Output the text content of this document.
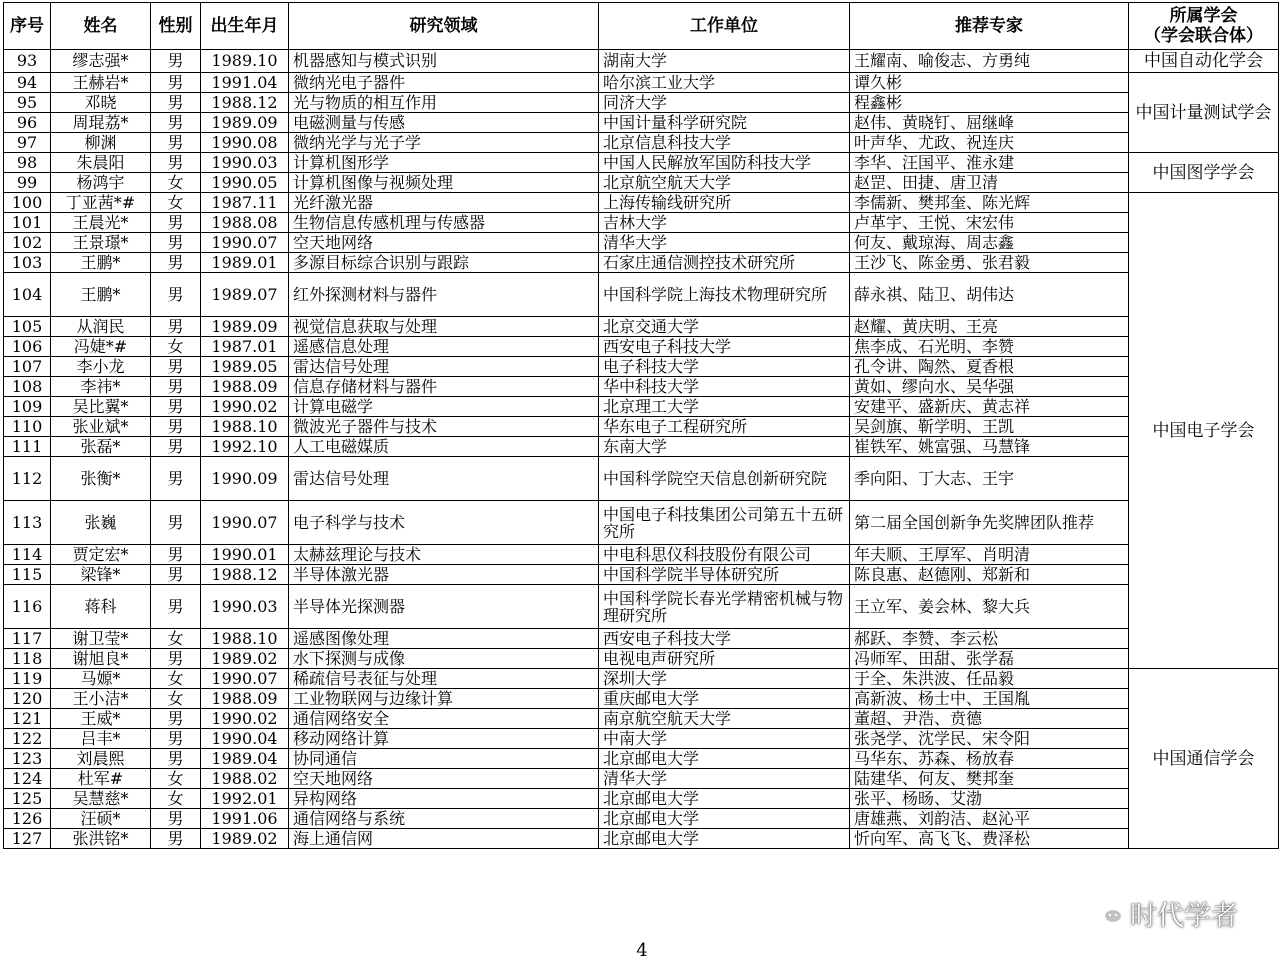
序号	姓名	性别	出生年月	研究领域	工作单位	推荐专家	所属学会
（学会联合体）
93	缪志强*	男	1989.10	机器感知与模式识别	湖南大学	王耀南、喻俊志、方勇纯	中国自动化学会
94	王赫岩*	男	1991.04	微纳光电子器件	哈尔滨工业大学	谭久彬	中国计量测试学会
95	邓晓	男	1988.12	光与物质的相互作用	同济大学	程鑫彬	
96	周琨荔*	男	1989.09	电磁测量与传感	中国计量科学研究院	赵伟、黄晓钉、屈继峰	
97	柳渊	男	1990.08	微纳光学与光子学	北京信息科技大学	叶声华、尤政、祝连庆	
98	朱晨阳	男	1990.03	计算机图形学	中国人民解放军国防科技大学	李华、汪国平、淮永建	中国图学学会
99	杨鸿宇	女	1990.05	计算机图像与视频处理	北京航空航天大学	赵罡、田捷、唐卫清	
100	丁亚茜*#	女	1987.11	光纤激光器	上海传输线研究所	李儒新、樊邦奎、陈光辉	中国电子学会
101	王晨光*	男	1988.08	生物信息传感机理与传感器	吉林大学	卢革宇、王悦、宋宏伟	
102	王景璟*	男	1990.07	空天地网络	清华大学	何友、戴琼海、周志鑫	
103	王鹏*	男	1989.01	多源目标综合识别与跟踪	石家庄通信测控技术研究所	王沙飞、陈金勇、张君毅	
104	王鹏*	男	1989.07	红外探测材料与器件	中国科学院上海技术物理研究所	薛永祺、陆卫、胡伟达	
105	从润民	男	1989.09	视觉信息获取与处理	北京交通大学	赵耀、黄庆明、王亮	
106	冯婕*#	女	1987.01	遥感信息处理	西安电子科技大学	焦李成、石光明、李赞	
107	李小龙	男	1989.05	雷达信号处理	电子科技大学	孔令讲、陶然、夏香根	
108	李祎*	男	1988.09	信息存储材料与器件	华中科技大学	黄如、缪向水、吴华强	
109	吴比翼*	男	1990.02	计算电磁学	北京理工大学	安建平、盛新庆、黄志祥	
110	张业斌*	男	1988.10	微波光子器件与技术	华东电子工程研究所	吴剑旗、靳学明、王凯	
111	张磊*	男	1992.10	人工电磁媒质	东南大学	崔铁军、姚富强、马慧锋	
112	张衡*	男	1990.09	雷达信号处理	中国科学院空天信息创新研究院	季向阳、丁大志、王宇	
113	张巍	男	1990.07	电子科学与技术	中国电子科技集团公司第五十五研究所	第二届全国创新争先奖牌团队推荐	
114	贾定宏*	男	1990.01	太赫兹理论与技术	中电科思仪科技股份有限公司	年夫顺、王厚军、肖明清	
115	梁锋*	男	1988.12	半导体激光器	中国科学院半导体研究所	陈良惠、赵德刚、郑新和	
116	蒋科	男	1990.03	半导体光探测器	中国科学院长春光学精密机械与物理研究所	王立军、姜会林、黎大兵	
117	谢卫莹*	女	1988.10	遥感图像处理	西安电子科技大学	郝跃、李赞、李云松	
118	谢旭良*	男	1989.02	水下探测与成像	电视电声研究所	冯师军、田甜、张学磊	
119	马嫄*	女	1990.07	稀疏信号表征与处理	深圳大学	于全、朱洪波、任品毅	中国通信学会
120	王小洁*	女	1988.09	工业物联网与边缘计算	重庆邮电大学	高新波、杨士中、王国胤	
121	王威*	男	1990.02	通信网络安全	南京航空航天大学	董超、尹浩、贲德	
122	吕丰*	男	1990.04	移动网络计算	中南大学	张尧学、沈学民、宋令阳	
123	刘晨熙	男	1989.04	协同通信	北京邮电大学	马华东、苏森、杨放春	
124	杜军#	女	1988.02	空天地网络	清华大学	陆建华、何友、樊邦奎	
125	吴慧慈*	女	1992.01	异构网络	北京邮电大学	张平、杨旸、艾渤	
126	汪硕*	男	1991.06	通信网络与系统	北京邮电大学	唐雄燕、刘韵洁、赵沁平	
127	张洪铭*	男	1989.02	海上通信网	北京邮电大学	忻向军、高飞飞、费泽松	
4
时代学者
